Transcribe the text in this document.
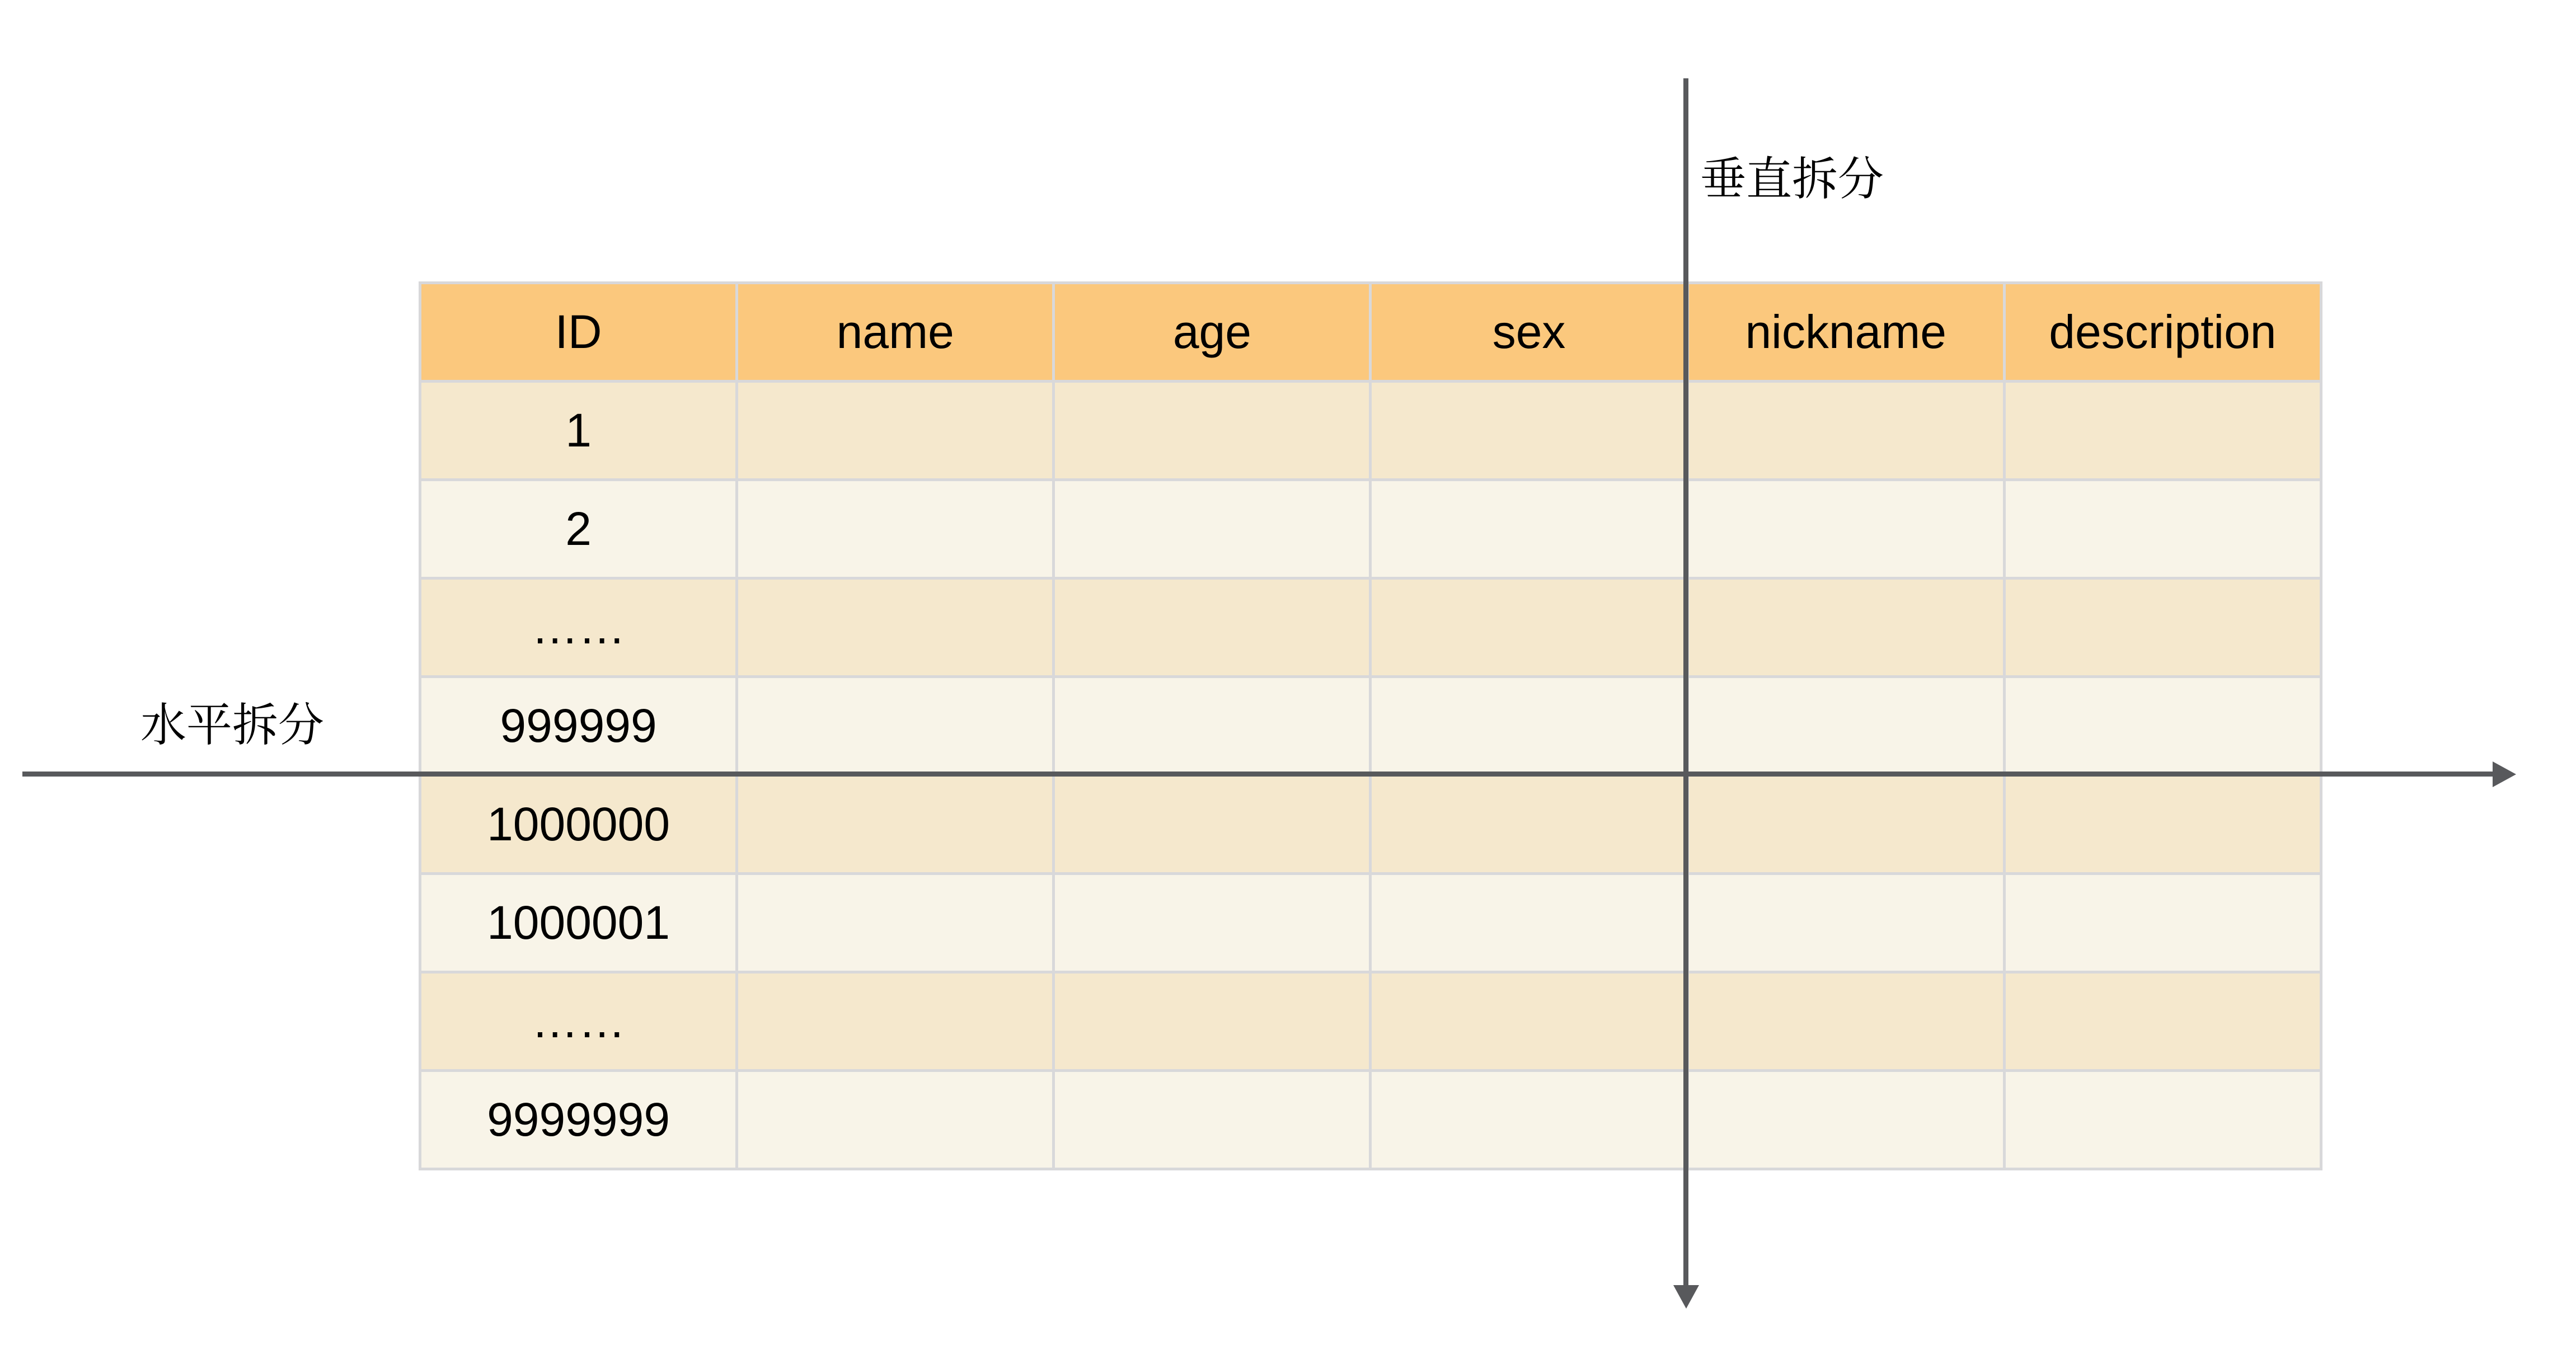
ID	name	age	sex	nickname	description
1					
2					
……					
999999					
1000000					
1000001					
……					
9999999					
垂直拆分
水平拆分
